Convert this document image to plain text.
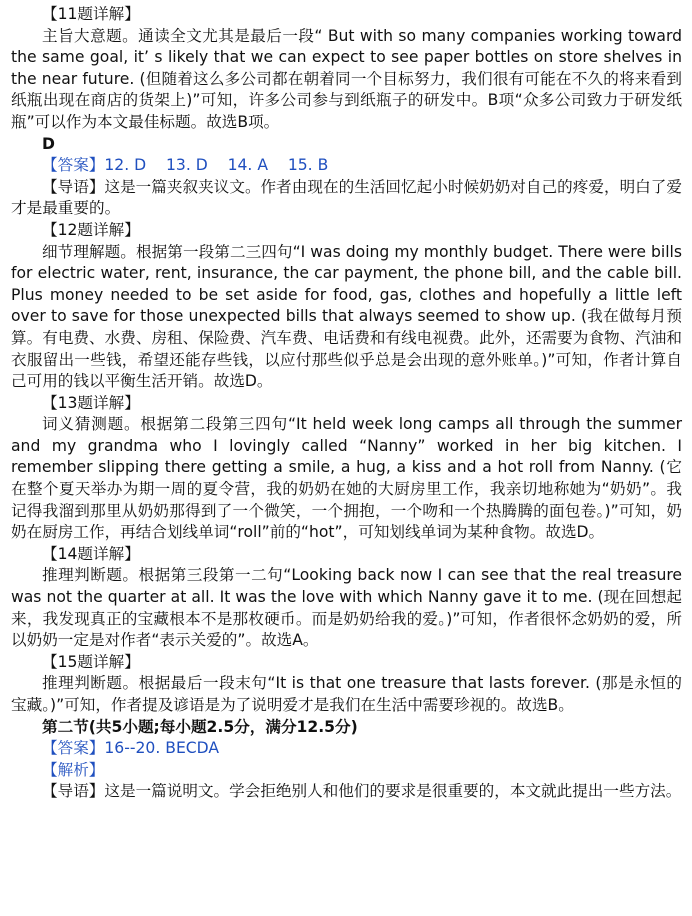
【11题详解】

主旨大意题。通读全文尤其是最后一段“ But with so many companies working toward the same goal, it’ s likely that we can expect to see paper bottles on store shelves in the near future. (但随着这么多公司都在朝着同一个目标努力，我们很有可能在不久的将来看到纸瓶出现在商店的货架上)”可知，许多公司参与到纸瓶子的研发中。B项“众多公司致力于研发纸瓶”可以作为本文最佳标题。故选B项。

D

【答案】12. D    13. D    14. A    15. B

【导语】这是一篇夹叙夹议文。作者由现在的生活回忆起小时候奶奶对自己的疼爱，明白了爱才是最重要的。

【12题详解】

细节理解题。根据第一段第二三四句“I was doing my monthly budget. There were bills for electric water, rent, insurance, the car payment, the phone bill, and the cable bill. Plus money needed to be set aside for food, gas, clothes and hopefully a little left over to save for those unexpected bills that always seemed to show up. (我在做每月预算。有电费、水费、房租、保险费、汽车费、电话费和有线电视费。此外，还需要为食物、汽油和衣服留出一些钱，希望还能存些钱，以应付那些似乎总是会出现的意外账单。)”可知，作者计算自己可用的钱以平衡生活开销。故选D。

【13题详解】

词义猜测题。根据第二段第三四句“It held week long camps all through the summer and my grandma who I lovingly called “Nanny” worked in her big kitchen. I remember slipping there getting a smile, a hug, a kiss and a hot roll from Nanny. (它在整个夏天举办为期一周的夏令营，我的奶奶在她的大厨房里工作，我亲切地称她为“奶奶”。我记得我溜到那里从奶奶那得到了一个微笑，一个拥抱，一个吻和一个热腾腾的面包卷。)”可知，奶奶在厨房工作，再结合划线单词“roll”前的“hot”，可知划线单词为某种食物。故选D。

【14题详解】

推理判断题。根据第三段第一二句“Looking back now I can see that the real treasure was not the quarter at all. It was the love with which Nanny gave it to me. (现在回想起来，我发现真正的宝藏根本不是那枚硬币。而是奶奶给我的爱。)”可知，作者很怀念奶奶的爱，所以奶奶一定是对作者“表示关爱的”。故选A。

【15题详解】

推理判断题。根据最后一段末句“It is that one treasure that lasts forever. (那是永恒的宝藏。)”可知，作者提及谚语是为了说明爱才是我们在生活中需要珍视的。故选B。

第二节(共5小题;每小题2.5分，满分12.5分)

【答案】16--20. BECDA

【解析】

【导语】这是一篇说明文。学会拒绝别人和他们的要求是很重要的，本文就此提出一些方法。
